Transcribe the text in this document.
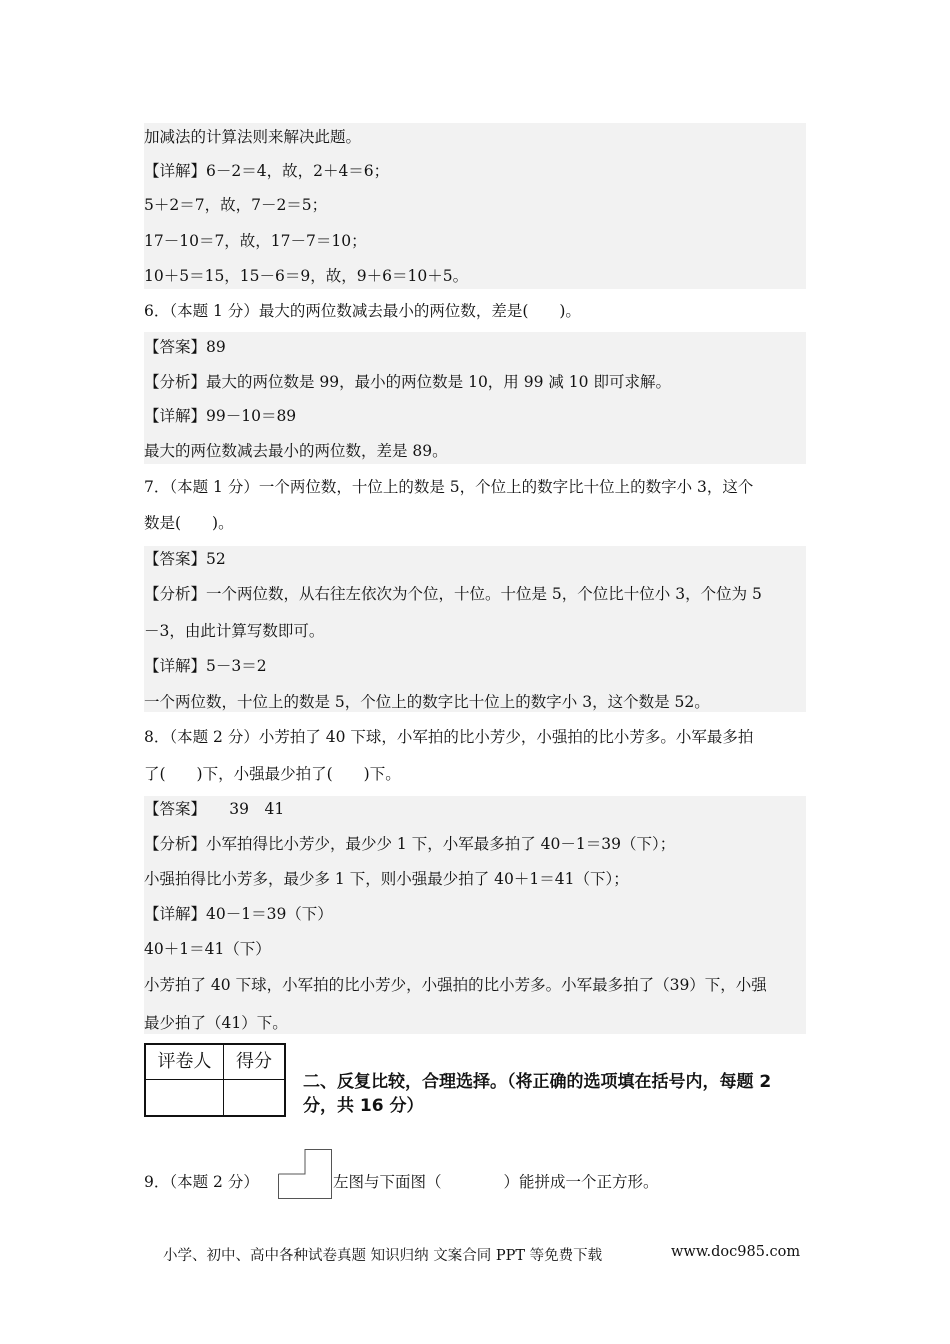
加减法的计算法则来解决此题。
【详解】6－2＝4，故，2＋4＝6；
5＋2＝7，故，7－2＝5；
17－10＝7，故，17－7＝10；
10＋5＝15，15－6＝9，故，9＋6＝10＋5。
6．（本题 1 分）最大的两位数减去最小的两位数，差是(　　)。
【答案】89
【分析】最大的两位数是 99，最小的两位数是 10，用 99 减 10 即可求解。
【详解】99－10＝89
最大的两位数减去最小的两位数，差是 89。
7．（本题 1 分）一个两位数，十位上的数是 5，个位上的数字比十位上的数字小 3，这个
数是(　　)。
【答案】52
【分析】一个两位数，从右往左依次为个位，十位。十位是 5，个位比十位小 3，个位为 5
－3，由此计算写数即可。
【详解】5－3＝2
一个两位数，十位上的数是 5，个位上的数字比十位上的数字小 3，这个数是 52。
8．（本题 2 分）小芳拍了 40 下球，小军拍的比小芳少，小强拍的比小芳多。小军最多拍
了(　　)下，小强最少拍了(　　)下。
【答案】　　39　41
【分析】小军拍得比小芳少，最少少 1 下，小军最多拍了 40－1＝39（下）；
小强拍得比小芳多，最少多 1 下，则小强最少拍了 40＋1＝41（下）；
【详解】40－1＝39（下）
40＋1＝41（下）
小芳拍了 40 下球，小军拍的比小芳少，小强拍的比小芳多。小军最多拍了（39）下，小强
最少拍了（41）下。
评卷人	得分
二、反复比较，合理选择。（将正确的选项填在括号内，每题 2 分，共 16 分）
9．（本题 2 分）	左图与下面图（　　　　）能拼成一个正方形。
小学、初中、高中各种试卷真题 知识归纳 文案合同 PPT 等免费下载	www.doc985.com
